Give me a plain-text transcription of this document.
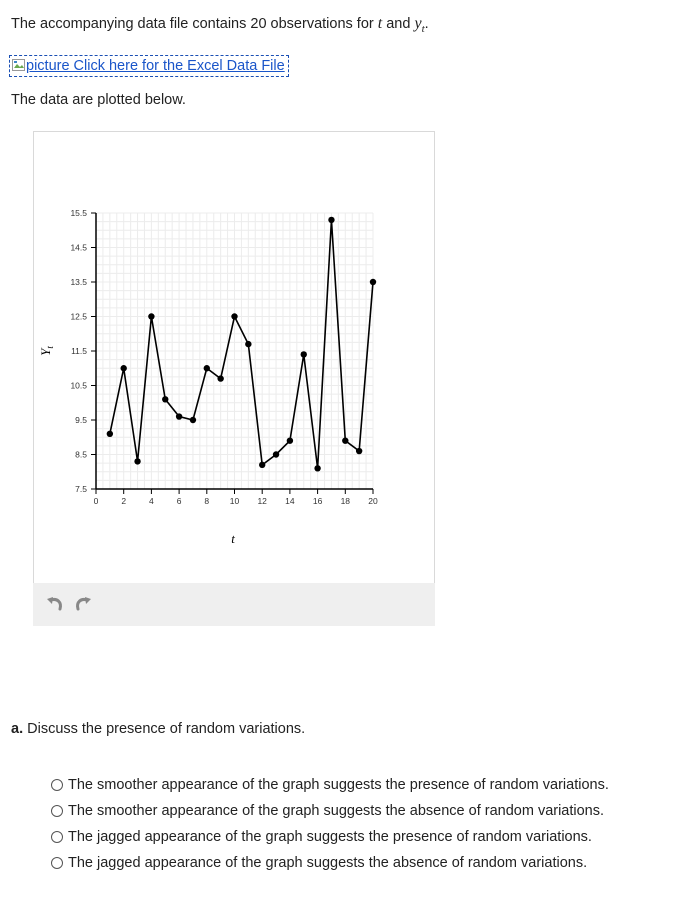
The accompanying data file contains 20 observations for t and $y_t$.
picture Click here for the Excel Data File
The data are plotted below.
7.5
8.5
9.5
10.5
11.5
12.5
13.5
14.5
15.5
0	2	4	6	8 10 12 14 16 18 20
t
$Y_t$
a. Discuss the presence of random variations.
The smoother appearance of the graph suggests the presence of random variations.
The smoother appearance of the graph suggests the absence of random variations.
The jagged appearance of the graph suggests the presence of random variations.
The jagged appearance of the graph suggests the absence of random variations.
